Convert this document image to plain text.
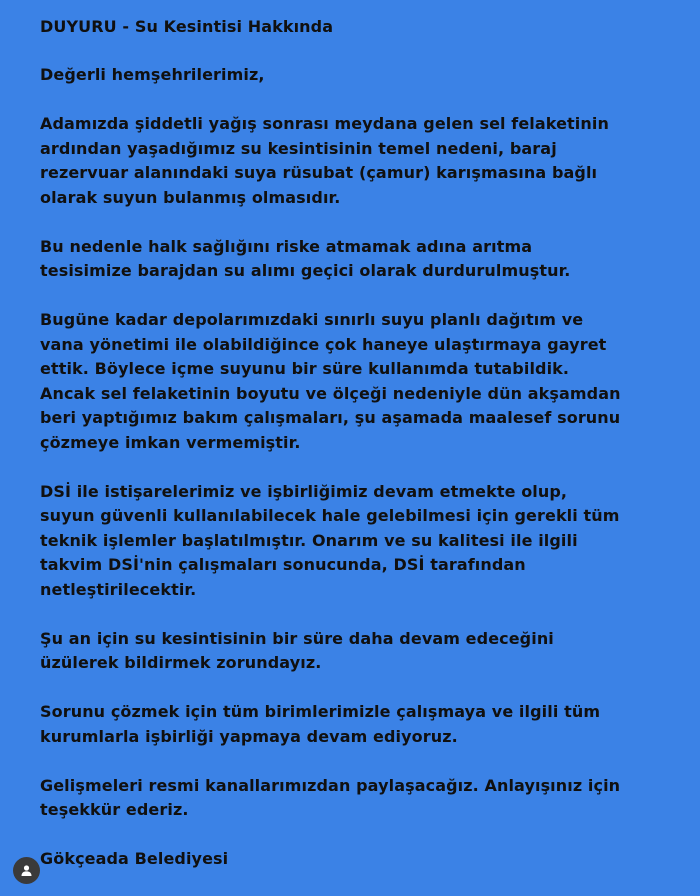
DUYURU - Su Kesintisi Hakkında
Değerli hemşehrilerimiz,
Adamızda şiddetli yağış sonrası meydana gelen sel felaketinin
ardından yaşadığımız su kesintisinin temel nedeni, baraj
rezervuar alanındaki suya rüsubat (çamur) karışmasına bağlı
olarak suyun bulanmış olmasıdır.
Bu nedenle halk sağlığını riske atmamak adına arıtma
tesisimize barajdan su alımı geçici olarak durdurulmuştur.
Bugüne kadar depolarımızdaki sınırlı suyu planlı dağıtım ve
vana yönetimi ile olabildiğince çok haneye ulaştırmaya gayret
ettik. Böylece içme suyunu bir süre kullanımda tutabildik.
Ancak sel felaketinin boyutu ve ölçeği nedeniyle dün akşamdan
beri yaptığımız bakım çalışmaları, şu aşamada maalesef sorunu
çözmeye imkan vermemiştir.
DSİ ile istişarelerimiz ve işbirliğimiz devam etmekte olup,
suyun güvenli kullanılabilecek hale gelebilmesi için gerekli tüm
teknik işlemler başlatılmıştır. Onarım ve su kalitesi ile ilgili
takvim DSİ'nin çalışmaları sonucunda, DSİ tarafından
netleştirilecektir.
Şu an için su kesintisinin bir süre daha devam edeceğini
üzülerek bildirmek zorundayız.
Sorunu çözmek için tüm birimlerimizle çalışmaya ve ilgili tüm
kurumlarla işbirliği yapmaya devam ediyoruz.
Gelişmeleri resmi kanallarımızdan paylaşacağız. Anlayışınız için
teşekkür ederiz.
Gökçeada Belediyesi
